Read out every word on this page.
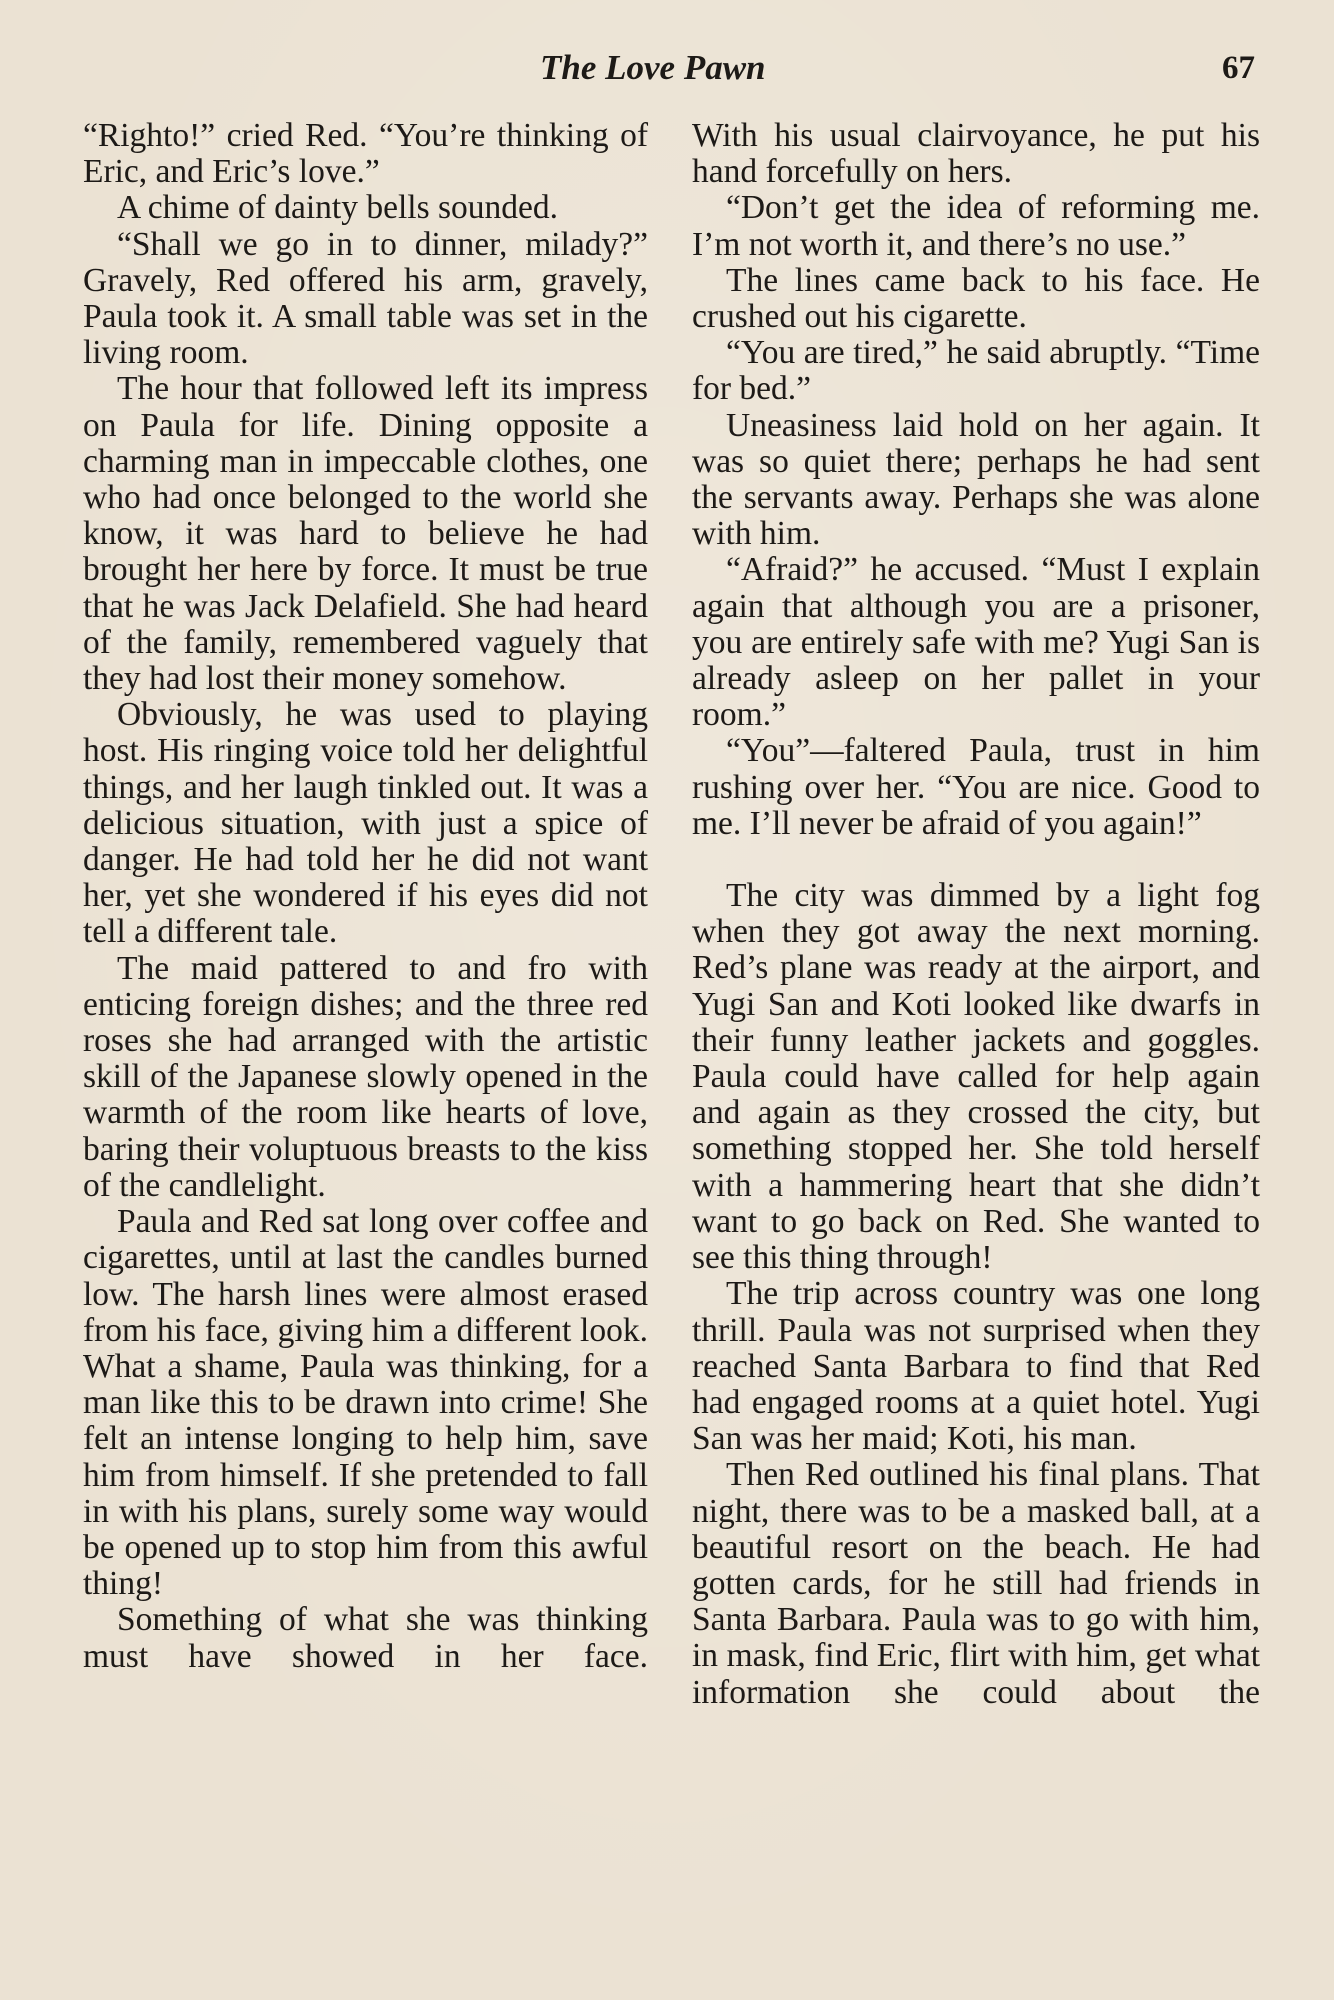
The Love Pawn	67

“Righto!” cried Red. “You’re thinking of Eric, and Eric’s love.”

A chime of dainty bells sounded.

“Shall we go in to dinner, milady?” Gravely, Red offered his arm, gravely, Paula took it. A small table was set in the living room.

The hour that followed left its impress on Paula for life. Dining opposite a charming man in impeccable clothes, one who had once belonged to the world she know, it was hard to believe he had brought her here by force. It must be true that he was Jack Delafield. She had heard of the family, remembered vaguely that they had lost their money somehow.

Obviously, he was used to playing host. His ringing voice told her delightful things, and her laugh tinkled out. It was a delicious situation, with just a spice of danger. He had told her he did not want her, yet she wondered if his eyes did not tell a different tale.

The maid pattered to and fro with enticing foreign dishes; and the three red roses she had arranged with the artistic skill of the Japanese slowly opened in the warmth of the room like hearts of love, baring their voluptuous breasts to the kiss of the candlelight.

Paula and Red sat long over coffee and cigarettes, until at last the candles burned low. The harsh lines were almost erased from his face, giving him a different look. What a shame, Paula was thinking, for a man like this to be drawn into crime! She felt an intense longing to help him, save him from himself. If she pretended to fall in with his plans, surely some way would be opened up to stop him from this awful thing!

Something of what she was thinking must have showed in her face.

With his usual clairvoyance, he put his hand forcefully on hers.

“Don’t get the idea of reforming me. I’m not worth it, and there’s no use.”

The lines came back to his face. He crushed out his cigarette.

“You are tired,” he said abruptly. “Time for bed.”

Uneasiness laid hold on her again. It was so quiet there; perhaps he had sent the servants away. Perhaps she was alone with him.

“Afraid?” he accused. “Must I explain again that although you are a prisoner, you are entirely safe with me? Yugi San is already asleep on her pallet in your room.”

“You”—faltered Paula, trust in him rushing over her. “You are nice. Good to me. I’ll never be afraid of you again!”

The city was dimmed by a light fog when they got away the next morning. Red’s plane was ready at the airport, and Yugi San and Koti looked like dwarfs in their funny leather jackets and goggles. Paula could have called for help again and again as they crossed the city, but something stopped her. She told herself with a hammering heart that she didn’t want to go back on Red. She wanted to see this thing through!

The trip across country was one long thrill. Paula was not surprised when they reached Santa Barbara to find that Red had engaged rooms at a quiet hotel. Yugi San was her maid; Koti, his man.

Then Red outlined his final plans. That night, there was to be a masked ball, at a beautiful resort on the beach. He had gotten cards, for he still had friends in Santa Barbara. Paula was to go with him, in mask, find Eric, flirt with him, get what information she could about the
